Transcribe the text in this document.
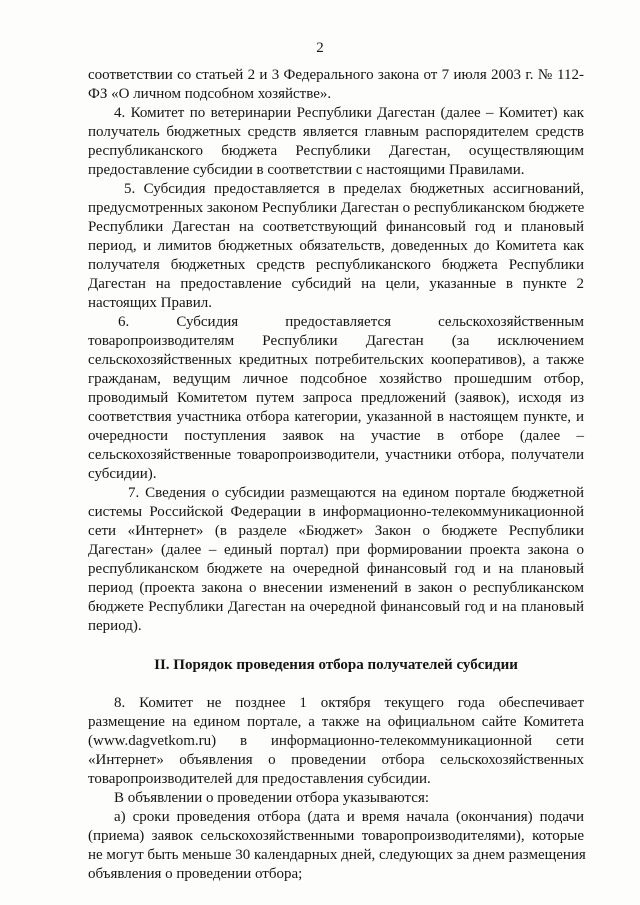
2
соответствии со статьей 2 и 3 Федерального закона от 7 июля 2003 г. № 112-
ФЗ «О личном подсобном хозяйстве».
4. Комитет по ветеринарии Республики Дагестан (далее – Комитет) как
получатель бюджетных средств является главным распорядителем средств
республиканского бюджета Республики Дагестан, осуществляющим
предоставление субсидии в соответствии с настоящими Правилами.
5. Субсидия предоставляется в пределах бюджетных ассигнований,
предусмотренных законом Республики Дагестан о республиканском бюджете
Республики Дагестан на соответствующий финансовый год и плановый
период, и лимитов бюджетных обязательств, доведенных до Комитета как
получателя бюджетных средств республиканского бюджета Республики
Дагестан на предоставление субсидий на цели, указанные в пункте 2
настоящих Правил.
6. Субсидия предоставляется сельскохозяйственным
товаропроизводителям Республики Дагестан (за исключением
сельскохозяйственных кредитных потребительских кооперативов), а также
гражданам, ведущим личное подсобное хозяйство прошедшим отбор,
проводимый Комитетом путем запроса предложений (заявок), исходя из
соответствия участника отбора категории, указанной в настоящем пункте, и
очередности поступления заявок на участие в отборе (далее –
сельскохозяйственные товаропроизводители, участники отбора, получатели
субсидии).
7. Сведения о субсидии размещаются на едином портале бюджетной
системы Российской Федерации в информационно-телекоммуникационной
сети «Интернет» (в разделе «Бюджет» Закон о бюджете Республики
Дагестан» (далее – единый портал) при формировании проекта закона о
республиканском бюджете на очередной финансовый год и на плановый
период (проекта закона о внесении изменений в закон о республиканском
бюджете Республики Дагестан на очередной финансовый год и на плановый
период).

II. Порядок проведения отбора получателей субсидии

8. Комитет не позднее 1 октября текущего года обеспечивает
размещение на едином портале, а также на официальном сайте Комитета
(www.dagvetkom.ru) в информационно-телекоммуникационной сети
«Интернет» объявления о проведении отбора сельскохозяйственных
товаропроизводителей для предоставления субсидии.
В объявлении о проведении отбора указываются:
а) сроки проведения отбора (дата и время начала (окончания) подачи
(приема) заявок сельскохозяйственными товаропроизводителями), которые
не могут быть меньше 30 календарных дней, следующих за днем размещения
объявления о проведении отбора;
